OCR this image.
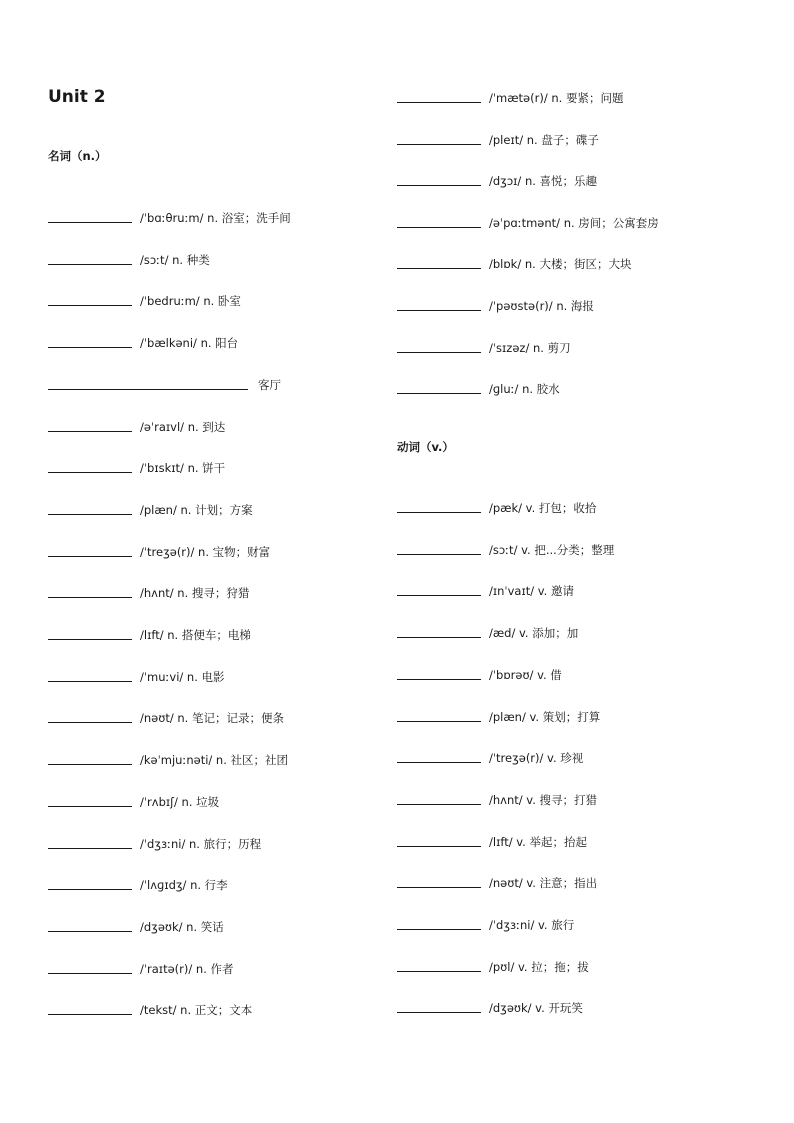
Unit 2
名词（n.）
动词（v.）
/ˈbɑːθruːm/ n. 浴室；洗手间
/sɔːt/ n. 种类
/ˈbedruːm/ n. 卧室
/ˈbælkəni/ n. 阳台
客厅
/əˈraɪvl/ n. 到达
/ˈbɪskɪt/ n. 饼干
/plæn/ n. 计划；方案
/ˈtreʒə(r)/ n. 宝物；财富
/hʌnt/ n. 搜寻；狩猎
/lɪft/ n. 搭便车；电梯
/ˈmuːvi/ n. 电影
/nəʊt/ n. 笔记；记录；便条
/kəˈmjuːnəti/ n. 社区；社团
/ˈrʌbɪʃ/ n. 垃圾
/ˈdʒɜːni/ n. 旅行；历程
/ˈlʌɡɪdʒ/ n. 行李
/dʒəʊk/ n. 笑话
/ˈraɪtə(r)/ n. 作者
/tekst/ n. 正文；文本
/ˈmætə(r)/ n. 要紧；问题
/pleɪt/ n. 盘子；碟子
/dʒɔɪ/ n. 喜悦；乐趣
/əˈpɑːtmənt/ n. 房间；公寓套房
/blɒk/ n. 大楼；街区；大块
/ˈpəʊstə(r)/ n. 海报
/ˈsɪzəz/ n. 剪刀
/ɡluː/ n. 胶水
/pæk/ v. 打包；收拾
/sɔːt/ v. 把...分类；整理
/ɪnˈvaɪt/ v. 邀请
/æd/ v. 添加；加
/ˈbɒrəʊ/ v. 借
/plæn/ v. 策划；打算
/ˈtreʒə(r)/ v. 珍视
/hʌnt/ v. 搜寻；打猎
/lɪft/ v. 举起；抬起
/nəʊt/ v. 注意；指出
/ˈdʒɜːni/ v. 旅行
/pʊl/ v. 拉；拖；拔
/dʒəʊk/ v. 开玩笑
